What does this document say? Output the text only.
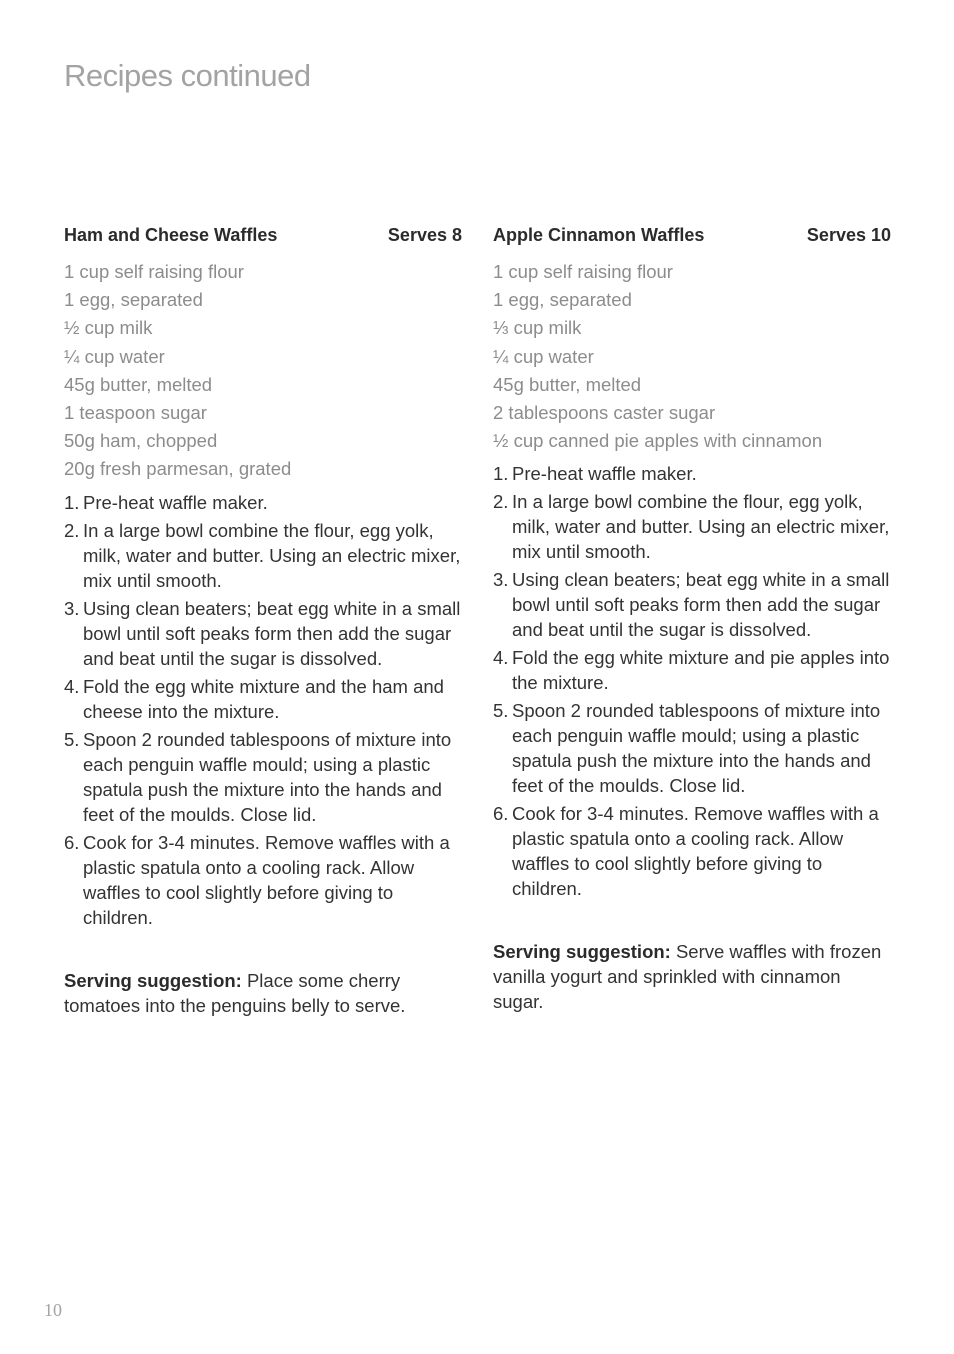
Recipes continued
Ham and Cheese Waffles	Serves 8
1 cup self raising flour
1 egg, separated
½ cup milk
¼ cup water
45g butter, melted
1 teaspoon sugar
50g ham, chopped
20g fresh parmesan, grated
1. Pre-heat waffle maker.
2. In a large bowl combine the flour, egg yolk, milk, water and butter. Using an electric mixer, mix until smooth.
3. Using clean beaters; beat egg white in a small bowl until soft peaks form then add the sugar and beat until the sugar is dissolved.
4. Fold the egg white mixture and the ham and cheese into the mixture.
5. Spoon 2 rounded tablespoons of mixture into each penguin waffle mould; using a plastic spatula push the mixture into the hands and feet of the moulds. Close lid.
6. Cook for 3-4 minutes. Remove waffles with a plastic spatula onto a cooling rack. Allow waffles to cool slightly before giving to children.

Serving suggestion: Place some cherry tomatoes into the penguins belly to serve.

Apple Cinnamon Waffles	Serves 10
1 cup self raising flour
1 egg, separated
⅓ cup milk
¼ cup water
45g butter, melted
2 tablespoons caster sugar
½ cup canned pie apples with cinnamon
1. Pre-heat waffle maker.
2. In a large bowl combine the flour, egg yolk, milk, water and butter. Using an electric mixer, mix until smooth.
3. Using clean beaters; beat egg white in a small bowl until soft peaks form then add the sugar and beat until the sugar is dissolved.
4. Fold the egg white mixture and pie apples into the mixture.
5. Spoon 2 rounded tablespoons of mixture into each penguin waffle mould; using a plastic spatula push the mixture into the hands and feet of the moulds. Close lid.
6. Cook for 3-4 minutes. Remove waffles with a plastic spatula onto a cooling rack. Allow waffles to cool slightly before giving to children.

Serving suggestion: Serve waffles with frozen vanilla yogurt and sprinkled with cinnamon sugar.

10
